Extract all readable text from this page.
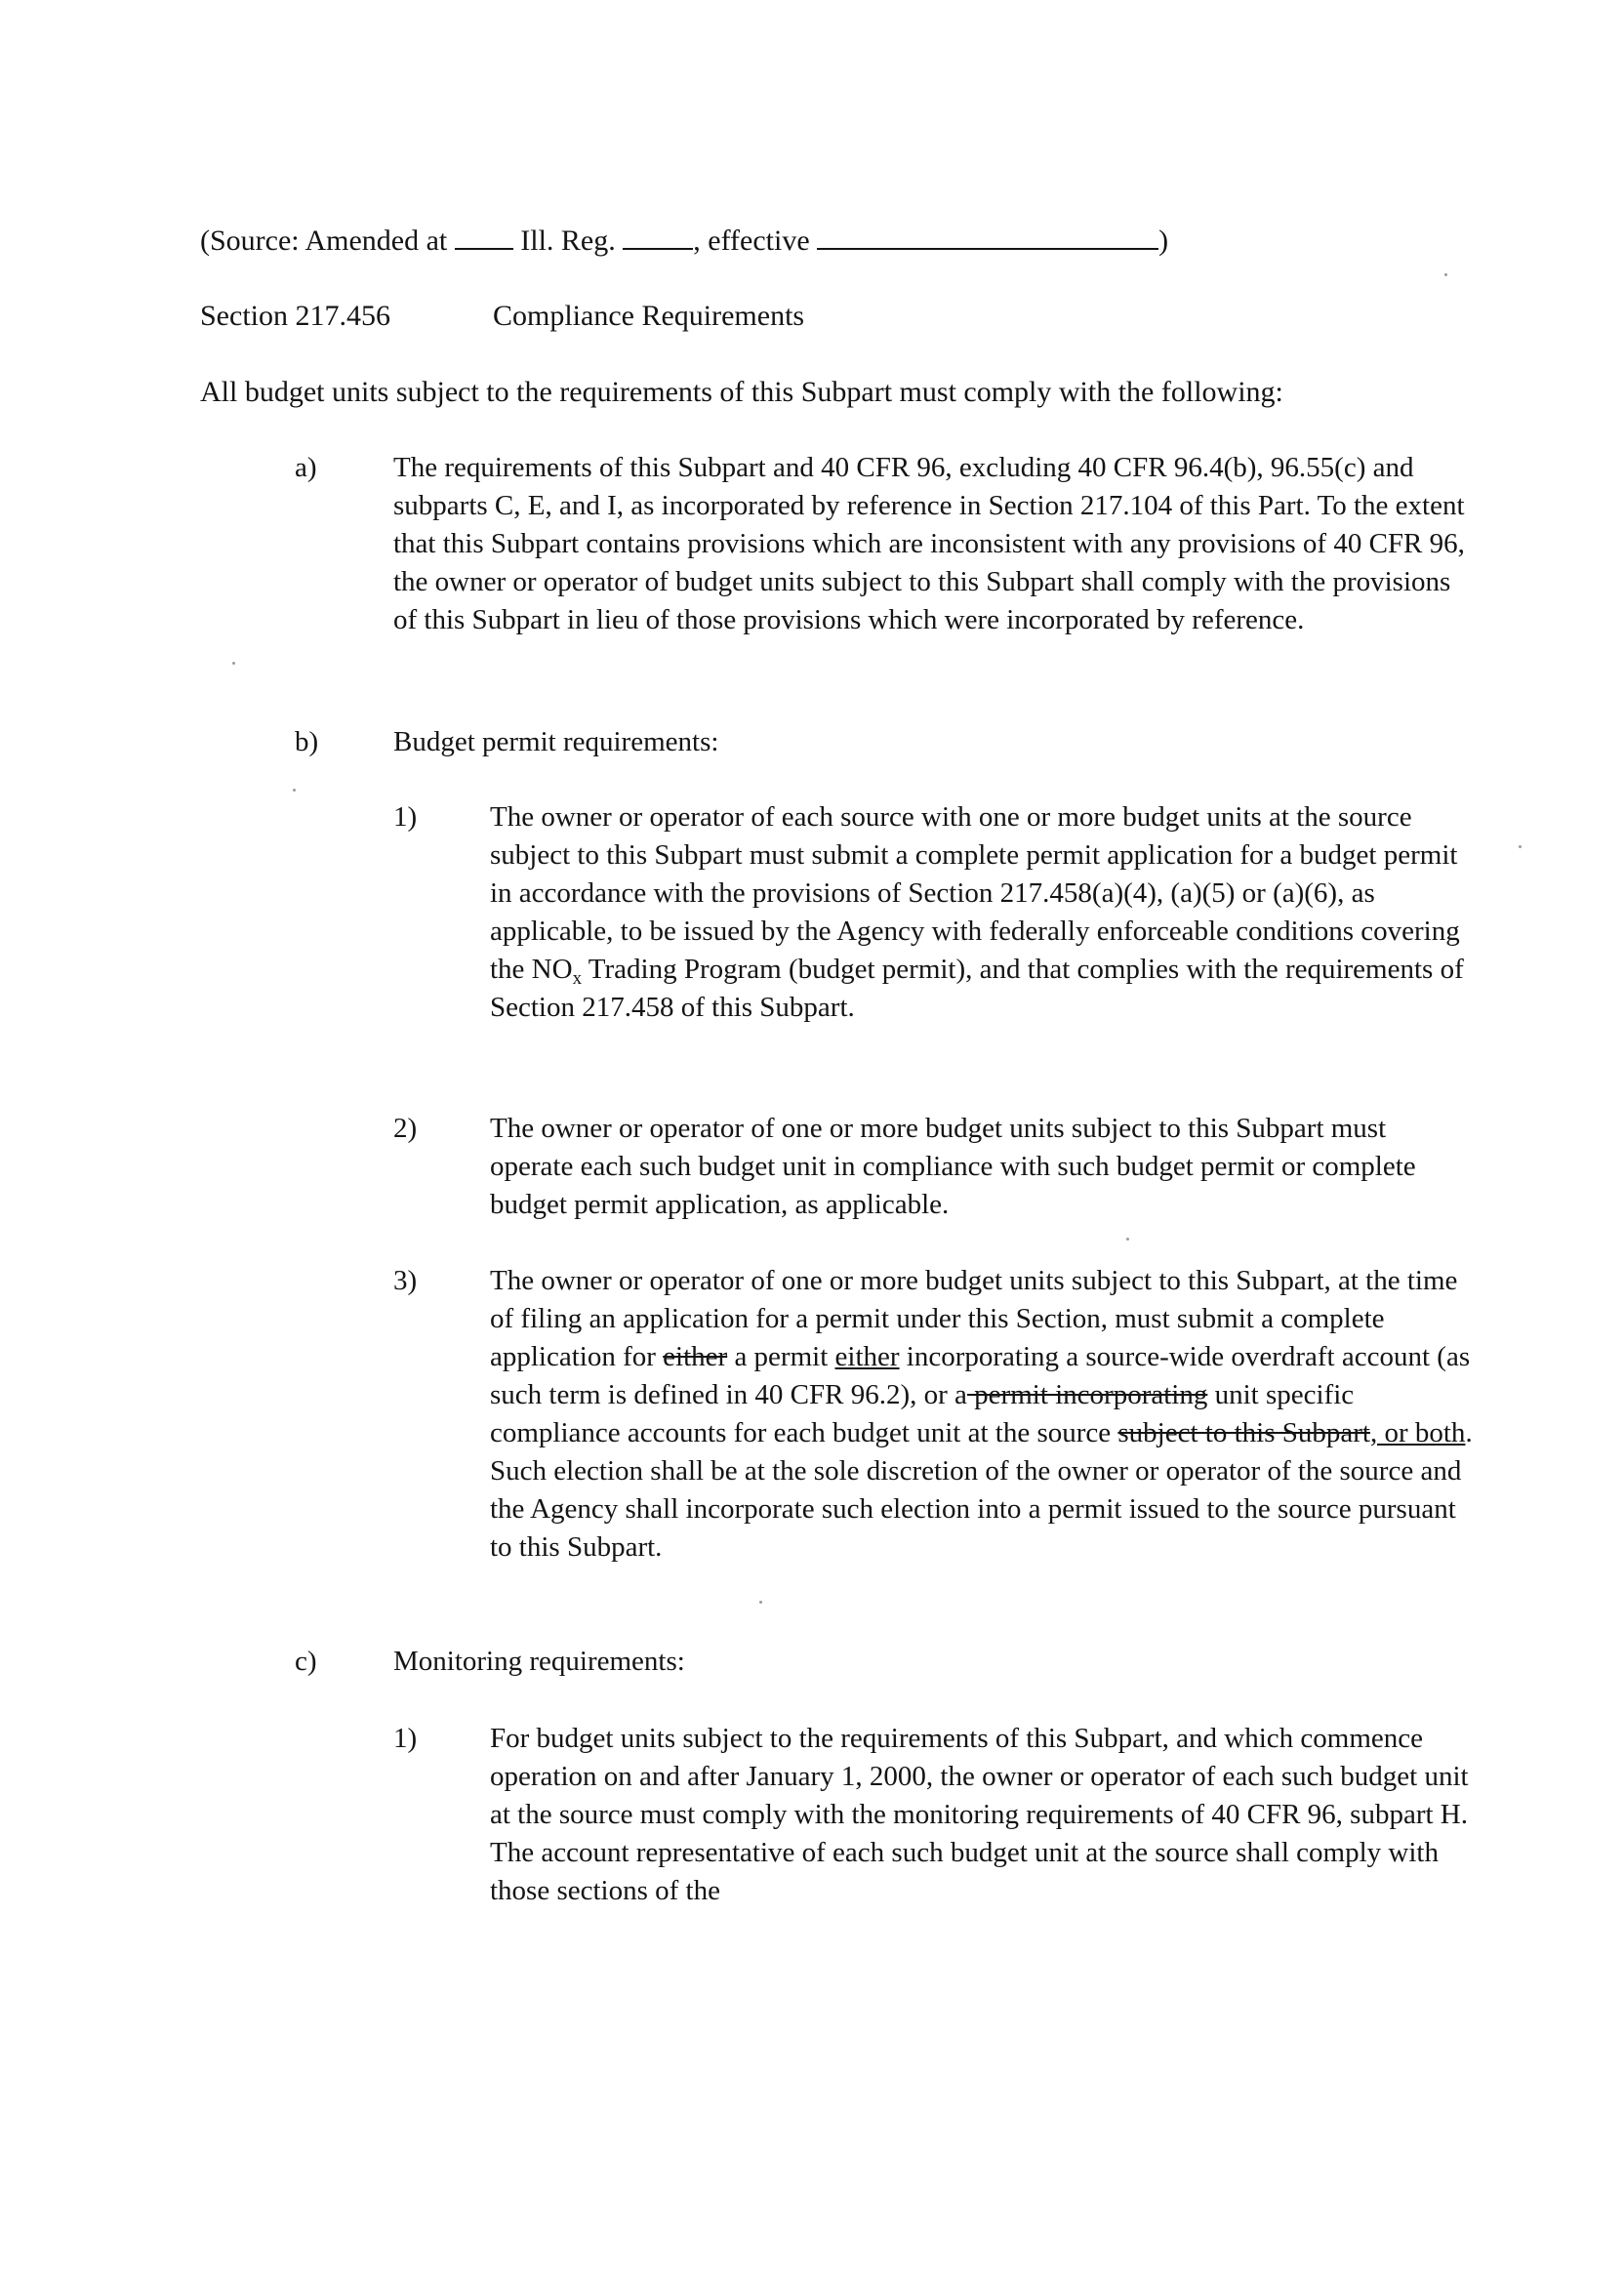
(Source: Amended at	Ill. Reg.	, effective	)
Section 217.456	Compliance Requirements
All budget units subject to the requirements of this Subpart must comply with the following:
a)	The requirements of this Subpart and 40 CFR 96, excluding 40 CFR 96.4(b), 96.55(c) and subparts C, E, and I, as incorporated by reference in Section 217.104 of this Part. To the extent that this Subpart contains provisions which are inconsistent with any provisions of 40 CFR 96, the owner or operator of budget units subject to this Subpart shall comply with the provisions of this Subpart in lieu of those provisions which were incorporated by reference.
b)	Budget permit requirements:
1)	The owner or operator of each source with one or more budget units at the source subject to this Subpart must submit a complete permit application for a budget permit in accordance with the provisions of Section 217.458(a)(4), (a)(5) or (a)(6), as applicable, to be issued by the Agency with federally enforceable conditions covering the $NO_x$ Trading Program (budget permit), and that complies with the requirements of Section 217.458 of this Subpart.
2)	The owner or operator of one or more budget units subject to this Subpart must operate each such budget unit in compliance with such budget permit or complete budget permit application, as applicable.
3)	The owner or operator of one or more budget units subject to this Subpart, at the time of filing an application for a permit under this Section, must submit a complete application for either a permit either incorporating a source-wide overdraft account (as such term is defined in 40 CFR 96.2), or a permit incorporating unit specific compliance accounts for each budget unit at the source subject to this Subpart, or both. Such election shall be at the sole discretion of the owner or operator of the source and the Agency shall incorporate such election into a permit issued to the source pursuant to this Subpart.
c)	Monitoring requirements:
1)	For budget units subject to the requirements of this Subpart, and which commence operation on and after January 1, 2000, the owner or operator of each such budget unit at the source must comply with the monitoring requirements of 40 CFR 96, subpart H. The account representative of each such budget unit at the source shall comply with those sections of the
